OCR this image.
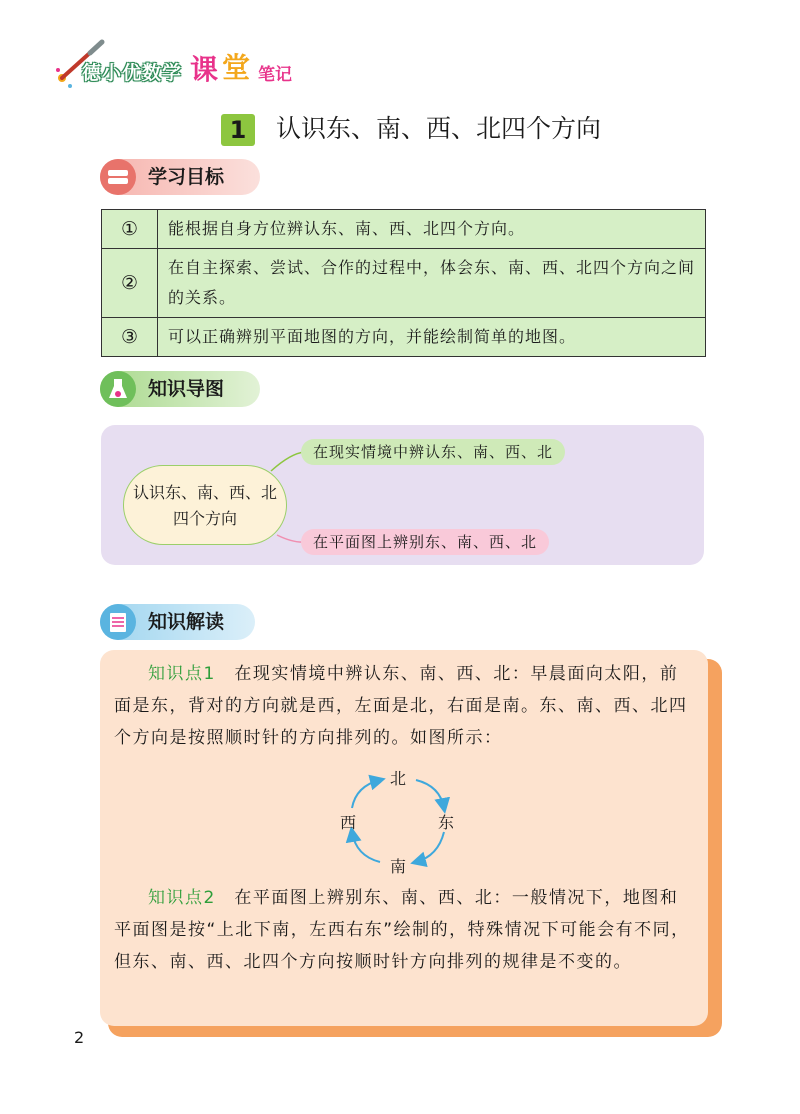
德小优数学 课 堂 笔记
1	认识东、南、西、北四个方向
学习目标
①	能根据自身方位辨认东、南、西、北四个方向。
②	在自主探索、尝试、合作的过程中，体会东、南、西、北四个方向之间的关系。
③	可以正确辨别平面地图的方向，并能绘制简单的地图。
知识导图
认识东、南、西、北
四个方向
在现实情境中辨认东、南、西、北
在平面图上辨别东、南、西、北
知识解读
知识点1　在现实情境中辨认东、南、西、北：早晨面向太阳，前面是东，背对的方向就是西，左面是北，右面是南。东、南、西、北四个方向是按照顺时针的方向排列的。如图所示：
北
东
南
西
知识点2　在平面图上辨别东、南、西、北：一般情况下，地图和平面图是按“上北下南，左西右东”绘制的，特殊情况下可能会有不同，但东、南、西、北四个方向按顺时针方向排列的规律是不变的。
2
